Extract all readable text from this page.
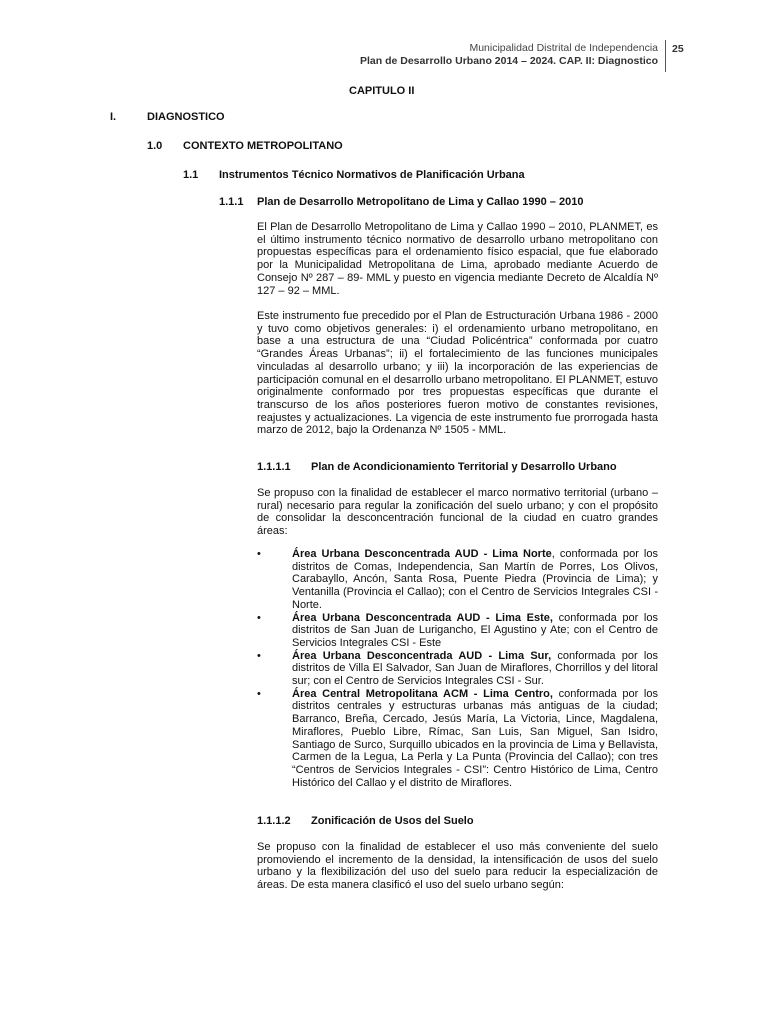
Municipalidad Distrital de Independencia
Plan de Desarrollo Urbano 2014 – 2024. CAP. II: Diagnostico
25
CAPITULO II
I.	DIAGNOSTICO
1.0 CONTEXTO METROPOLITANO
1.1 Instrumentos Técnico Normativos de Planificación Urbana
1.1.1 Plan de Desarrollo Metropolitano de Lima y Callao 1990 – 2010
El Plan de Desarrollo Metropolitano de Lima y Callao 1990 – 2010, PLANMET, es el último instrumento técnico normativo de desarrollo urbano metropolitano con propuestas específicas para el ordenamiento físico espacial, que fue elaborado por la Municipalidad Metropolitana de Lima, aprobado mediante Acuerdo de Consejo Nº 287 – 89- MML y puesto en vigencia mediante Decreto de Alcaldía Nº 127 – 92 – MML.
Este instrumento fue precedido por el Plan de Estructuración Urbana 1986 - 2000 y tuvo como objetivos generales: i) el ordenamiento urbano metropolitano, en base a una estructura de una “Ciudad Policéntrica” conformada por cuatro “Grandes Áreas Urbanas”; ii) el fortalecimiento de las funciones municipales vinculadas al desarrollo urbano; y iii) la incorporación de las experiencias de participación comunal en el desarrollo urbano metropolitano. El PLANMET, estuvo originalmente conformado por tres propuestas específicas que durante el transcurso de los años posteriores fueron motivo de constantes revisiones, reajustes y actualizaciones. La vigencia de este instrumento fue prorrogada hasta marzo de 2012, bajo la Ordenanza Nº 1505 - MML.
1.1.1.1 Plan de Acondicionamiento Territorial y Desarrollo Urbano
Se propuso con la finalidad de establecer el marco normativo territorial (urbano – rural) necesario para regular la zonificación del suelo urbano; y con el propósito de consolidar la desconcentración funcional de la ciudad en cuatro grandes áreas:
•	Área Urbana Desconcentrada AUD - Lima Norte, conformada por los distritos de Comas, Independencia, San Martín de Porres, Los Olivos, Carabayllo, Ancón, Santa Rosa, Puente Piedra (Provincia de Lima); y Ventanilla (Provincia el Callao); con el Centro de Servicios Integrales CSI - Norte.
•	Área Urbana Desconcentrada AUD - Lima Este, conformada por los distritos de San Juan de Lurigancho, El Agustino y Ate; con el Centro de Servicios Integrales CSI - Este
•	Área Urbana Desconcentrada AUD - Lima Sur, conformada por los distritos de Villa El Salvador, San Juan de Miraflores, Chorrillos y del litoral sur; con el Centro de Servicios Integrales CSI - Sur.
•	Área Central Metropolitana ACM - Lima Centro, conformada por los distritos centrales y estructuras urbanas más antiguas de la ciudad; Barranco, Breña, Cercado, Jesús María, La Victoria, Lince, Magdalena, Miraflores, Pueblo Libre, Rímac, San Luis, San Miguel, San Isidro, Santiago de Surco, Surquillo ubicados en la provincia de Lima y Bellavista, Carmen de la Legua, La Perla y La Punta (Provincia del Callao); con tres “Centros de Servicios Integrales - CSI”: Centro Histórico de Lima, Centro Histórico del Callao y el distrito de Miraflores.
1.1.1.2 Zonificación de Usos del Suelo
Se propuso con la finalidad de establecer el uso más conveniente del suelo promoviendo el incremento de la densidad, la intensificación de usos del suelo urbano y la flexibilización del uso del suelo para reducir la especialización de áreas. De esta manera clasificó el uso del suelo urbano según:
